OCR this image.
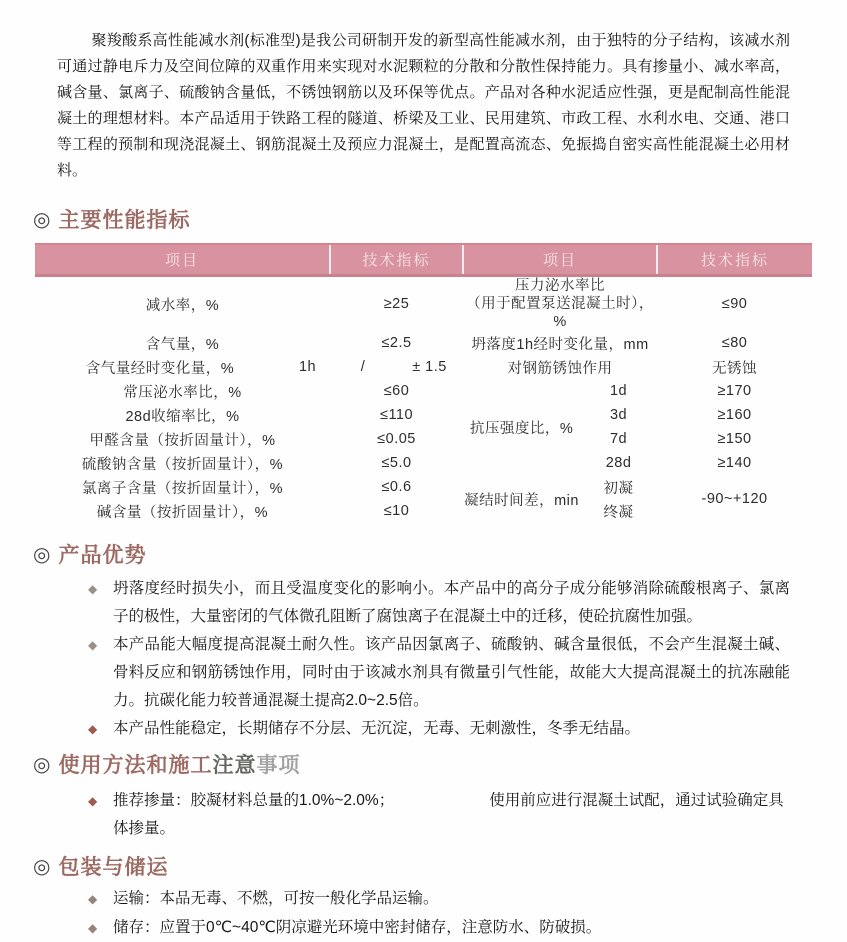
聚羧酸系高性能减水剂(标准型)是我公司研制开发的新型高性能减水剂，由于独特的分子结构，该减水剂可通过静电斥力及空间位障的双重作用来实现对水泥颗粒的分散和分散性保持能力。具有掺量小、减水率高，碱含量、氯离子、硫酸钠含量低，不锈蚀钢筋以及环保等优点。产品对各种水泥适应性强，更是配制高性能混凝土的理想材料。本产品适用于铁路工程的隧道、桥梁及工业、民用建筑、市政工程、水利水电、交通、港口等工程的预制和现浇混凝土、钢筋混凝土及预应力混凝土，是配置高流态、免振捣自密实高性能混凝土必用材料。

◎ 主要性能指标
项目		技术指标		项目		技术指标
减水率，%		≥25		压力泌水率比
（用于配置泵送混凝土时），%		≤90
含气量，%		≤2.5		坍落度1h经时变化量，mm		≤80
含气量经时变化量，%	1h	/	± 1.5	对钢筋锈蚀作用		无锈蚀
常压泌水率比，%		≤60		抗压强度比，%	1d	≥170
28d收缩率比，%		≤110			3d	≥160
甲醛含量（按折固量计），%		≤0.05			7d	≥150
硫酸钠含量（按折固量计），%		≤5.0			28d	≥140
氯离子含量（按折固量计），%		≤0.6		凝结时间差，min	初凝	-90~+120
碱含量（按折固量计），%		≤10			终凝	
◎ 产品优势
◆	坍落度经时损失小，而且受温度变化的影响小。本产品中的高分子成分能够消除硫酸根离子、氯离子的极性，大量密闭的气体微孔阻断了腐蚀离子在混凝土中的迁移，使砼抗腐性加强。
◆	本产品能大幅度提高混凝土耐久性。该产品因氯离子、硫酸钠、碱含量很低，不会产生混凝土碱、骨料反应和钢筋锈蚀作用，同时由于该减水剂具有微量引气性能，故能大大提高混凝土的抗冻融能力。抗碳化能力较普通混凝土提高2.0~2.5倍。
◆	本产品性能稳定，长期储存不分层、无沉淀，无毒、无刺激性，冬季无结晶。
◎ 使用方法和施工 注意 事项
◆	推荐掺量：胶凝材料总量的1.0%~2.0%；	使用前应进行混凝土试配，通过试验确定具体掺量。
◎ 包装与储运
◆	运输：本品无毒、不燃，可按一般化学品运输。
◆	储存：应置于0℃~40℃阴凉避光环境中密封储存，注意防水、防破损。
